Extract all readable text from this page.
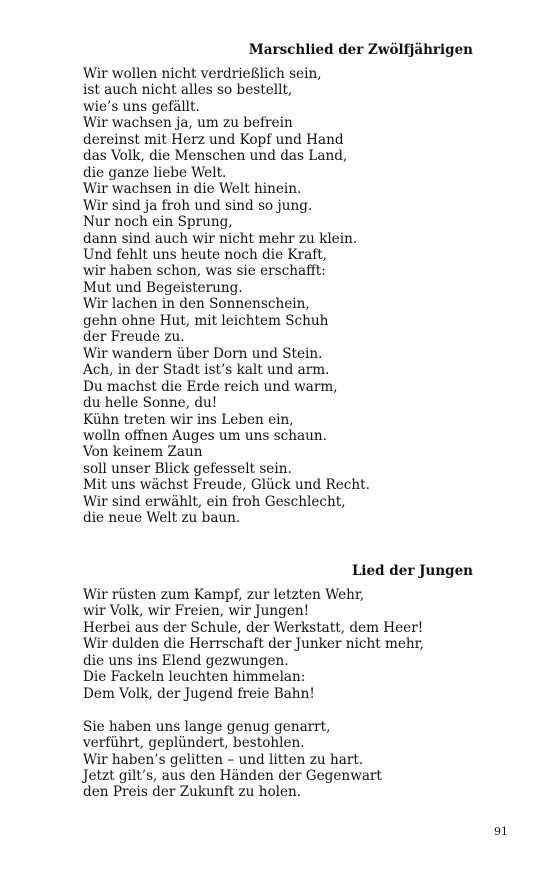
Marschlied der Zwölfjährigen
Wir wollen nicht verdrießlich sein,
ist auch nicht alles so bestellt,
wie’s uns gefällt.
Wir wachsen ja, um zu befrein
dereinst mit Herz und Kopf und Hand
das Volk, die Menschen und das Land,
die ganze liebe Welt.
Wir wachsen in die Welt hinein.
Wir sind ja froh und sind so jung.
Nur noch ein Sprung,
dann sind auch wir nicht mehr zu klein.
Und fehlt uns heute noch die Kraft,
wir haben schon, was sie erschafft:
Mut und Begeisterung.
Wir lachen in den Sonnenschein,
gehn ohne Hut, mit leichtem Schuh
der Freude zu.
Wir wandern über Dorn und Stein.
Ach, in der Stadt ist’s kalt und arm.
Du machst die Erde reich und warm,
du helle Sonne, du!
Kühn treten wir ins Leben ein,
wolln offnen Auges um uns schaun.
Von keinem Zaun
soll unser Blick gefesselt sein.
Mit uns wächst Freude, Glück und Recht.
Wir sind erwählt, ein froh Geschlecht,
die neue Welt zu baun.
Lied der Jungen
Wir rüsten zum Kampf, zur letzten Wehr,
wir Volk, wir Freien, wir Jungen!
Herbei aus der Schule, der Werkstatt, dem Heer!
Wir dulden die Herrschaft der Junker nicht mehr,
die uns ins Elend gezwungen.
Die Fackeln leuchten himmelan:
Dem Volk, der Jugend freie Bahn!
Sie haben uns lange genug genarrt,
verführt, geplündert, bestohlen.
Wir haben’s gelitten – und litten zu hart.
Jetzt gilt’s, aus den Händen der Gegenwart
den Preis der Zukunft zu holen.
91
